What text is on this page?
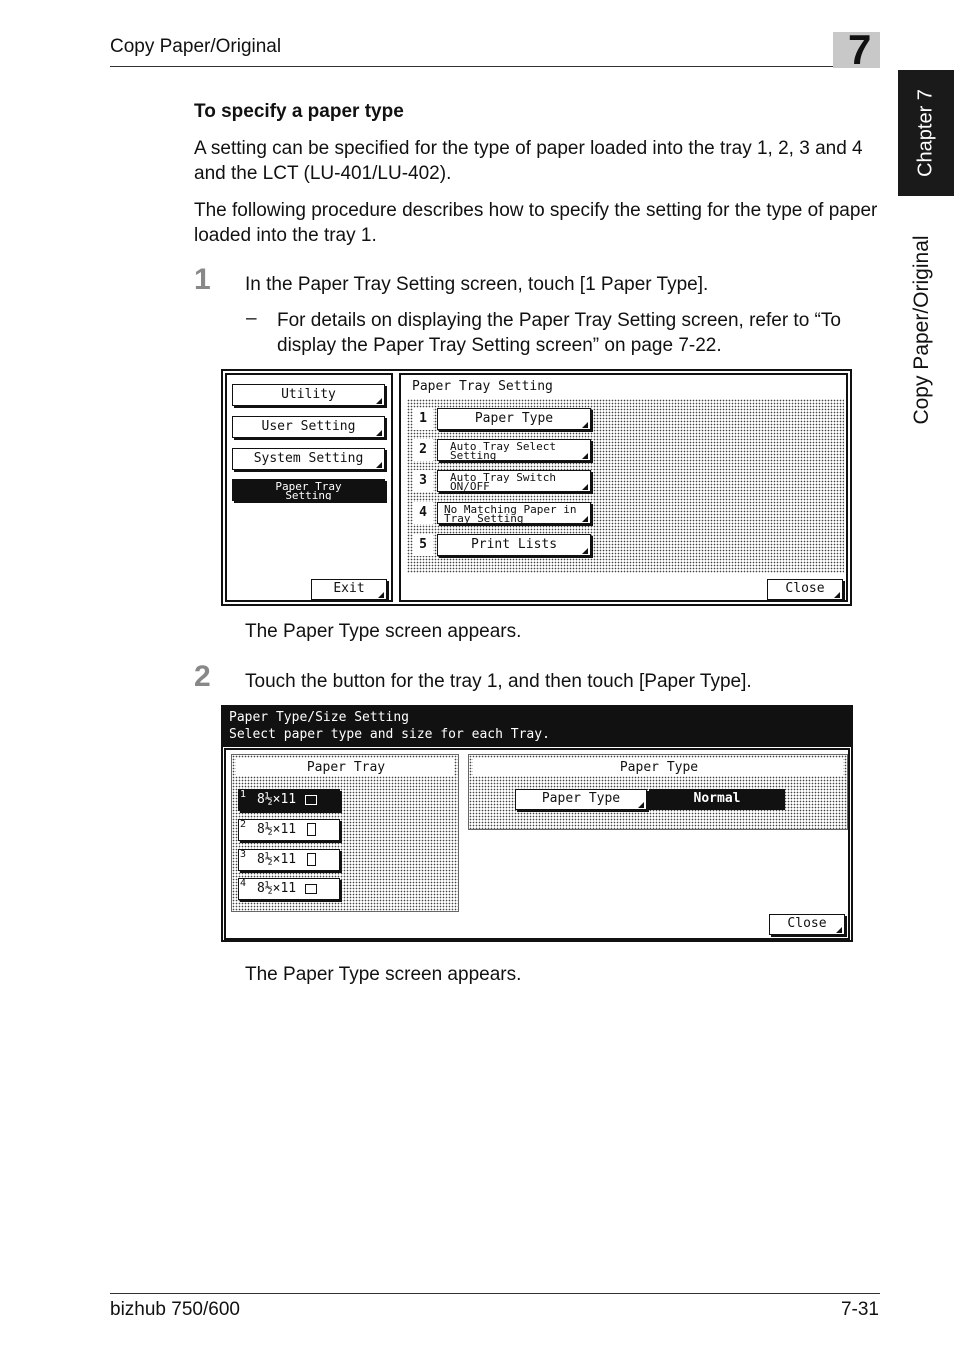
Copy Paper/Original	7
Chapter 7
Copy Paper/Original
To specify a paper type
A setting can be specified for the type of paper loaded into the tray 1, 2, 3 and 4 and the LCT (LU-401/LU-402).
The following procedure describes how to specify the setting for the type of paper loaded into the tray 1.
1 In the Paper Tray Setting screen, touch [1 Paper Type].
– For details on displaying the Paper Tray Setting screen, refer to “To display the Paper Tray Setting screen” on page 7-22.
Utility
User Setting
System Setting
Paper Tray Setting
Exit
Paper Tray Setting
1	Paper Type
2	Auto Tray Select Setting
3	Auto Tray Switch ON/OFF
4	No Matching Paper in Tray Setting
5	Print Lists
Close
The Paper Type screen appears.
2 Touch the button for the tray 1, and then touch [Paper Type].
Paper Type/Size Setting
Select paper type and size for each Tray.
Paper Tray
1 8½×11
2 8½×11
3 8½×11
4 8½×11
Paper Type
Paper Type	Normal
Close
The Paper Type screen appears.
bizhub 750/600	7-31
